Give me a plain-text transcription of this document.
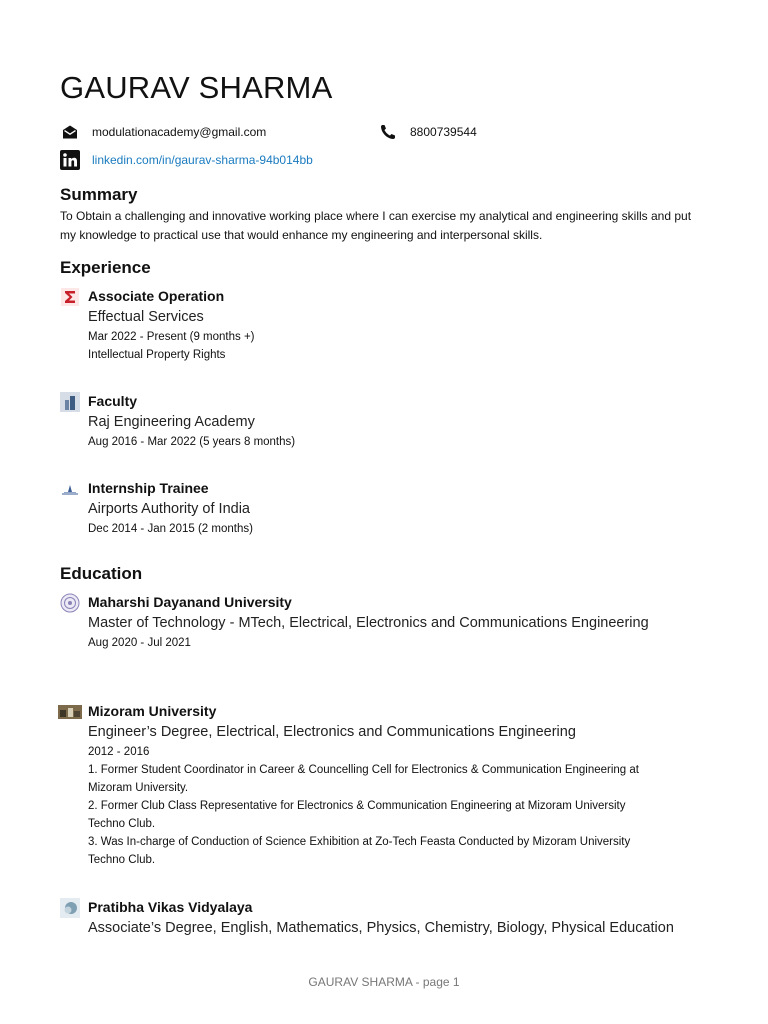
GAURAV SHARMA
modulationacademy@gmail.com	8800739544
linkedin.com/in/gaurav-sharma-94b014bb
Summary
To Obtain a challenging and innovative working place where I can exercise my analytical and engineering skills and put my knowledge to practical use that would enhance my engineering and interpersonal skills.
Experience
Associate Operation
Effectual Services
Mar 2022 - Present (9 months +)
Intellectual Property Rights
Faculty
Raj Engineering Academy
Aug 2016 - Mar 2022 (5 years 8 months)
Internship Trainee
Airports Authority of India
Dec 2014 - Jan 2015 (2 months)
Education
Maharshi Dayanand University
Master of Technology - MTech, Electrical, Electronics and Communications Engineering
Aug 2020 - Jul 2021
Mizoram University
Engineer’s Degree, Electrical, Electronics and Communications Engineering
2012 - 2016
1. Former Student Coordinator in Career & Councelling Cell for Electronics & Communication Engineering at Mizoram University.
2. Former Club Class Representative for Electronics & Communication Engineering at Mizoram University Techno Club.
3. Was In-charge of Conduction of Science Exhibition at Zo-Tech Feasta Conducted by Mizoram University Techno Club.
Pratibha Vikas Vidyalaya
Associate’s Degree, English, Mathematics, Physics, Chemistry, Biology, Physical Education
GAURAV SHARMA - page 1
